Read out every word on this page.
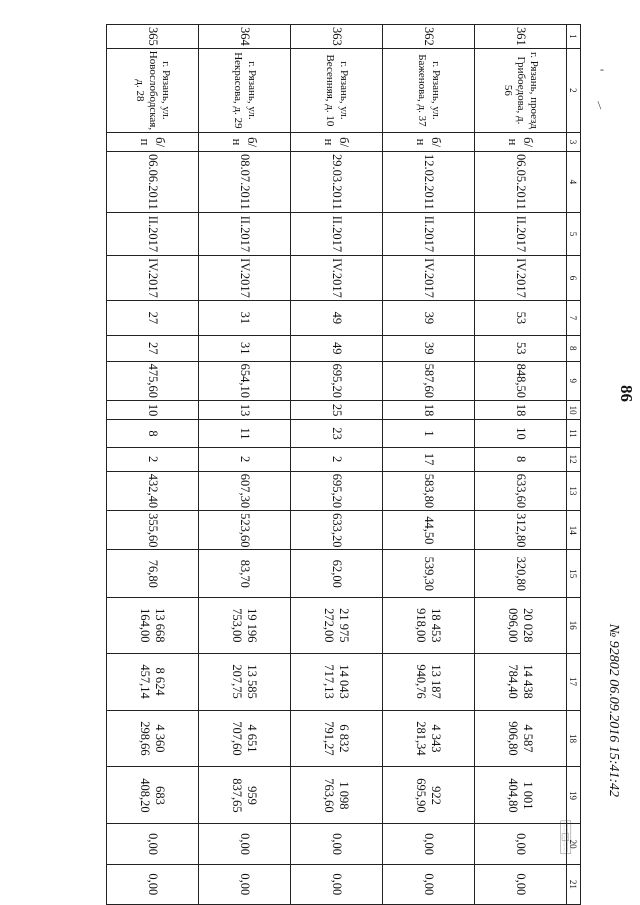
86
1	2	3	4	5	6	7	8	9	10	11	12	13	14	15	16	17	18	19	20	21
361	г. Рязань, проезд Грибоедова, д. 56	б/н	06.05.2011	II.2017	IV.2017	53	53	848,50	18	10	8	633,60	312,80	320,80	20 028 096,00	14 438 784,40	4 587 906,80	1 001 404,80	0,00	0,00
362	г. Рязань, ул. Баженова, д. 37	б/н	12.02.2011	II.2017	IV.2017	39	39	587,60	18	1	17	583,80	44,50	539,30	18 453 918,00	13 187 940,76	4 343 281,34	922 695,90	0,00	0,00
363	г. Рязань, ул. Весенняя, д. 10	б/н	29.03.2011	II.2017	IV.2017	49	49	695,20	25	23	2	695,20	633,20	62,00	21 975 272,00	14 043 717,13	6 832 791,27	1 098 763,60	0,00	0,00
364	г. Рязань, ул. Некрасова, д. 29	б/н	08.07.2011	II.2017	IV.2017	31	31	654,10	13	11	2	607,30	523,60	83,70	19 196 753,00	13 585 207,75	4 651 707,60	959 837,65	0,00	0,00
365	г. Рязань, ул. Новослободская, д. 28	б/п	06.06.2011	II.2017	IV.2017	27	27	475,60	10	8	2	432,40	355,60	76,80	13 668 164,00	8 624 457,14	4 360 298,66	683 408,20	0,00	0,00
№ 92802 06.09.2016 15:41:42
‑
/
